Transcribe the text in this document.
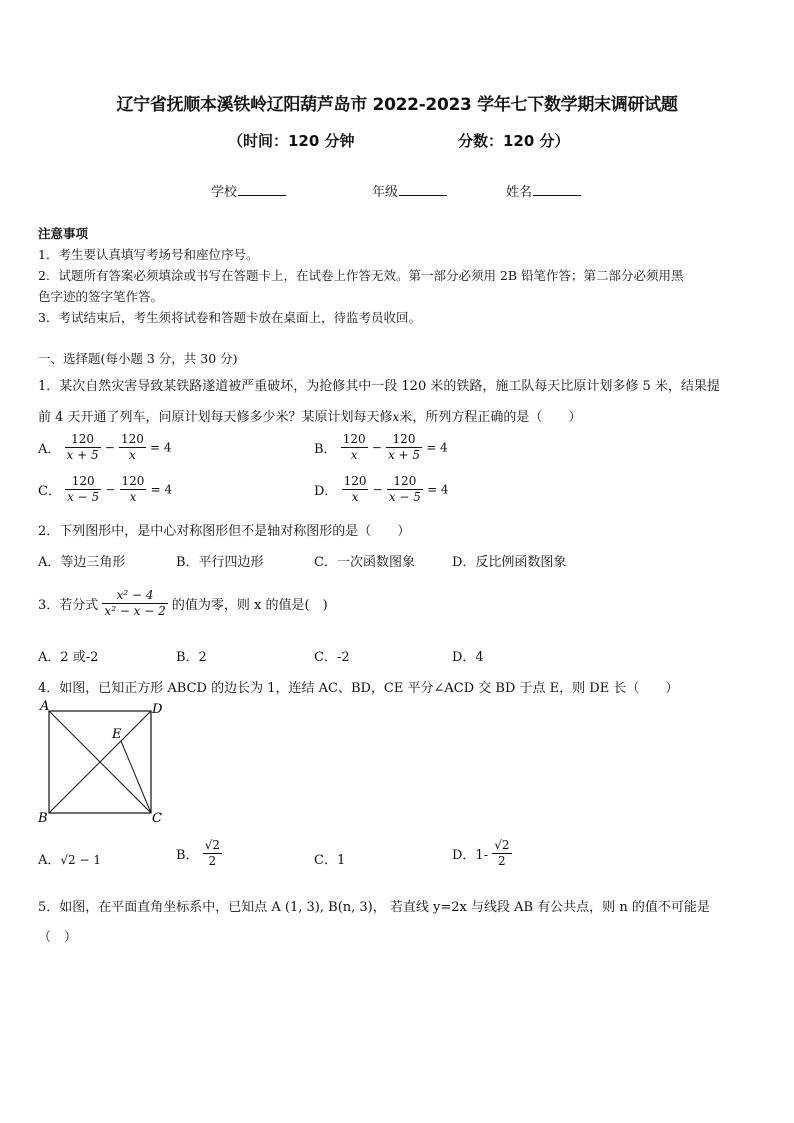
辽宁省抚顺本溪铁岭辽阳葫芦岛市 2022-2023 学年七下数学期末调研试题
（时间：120 分钟	分数：120 分）
学校	年级	姓名
注意事项
1．考生要认真填写考场号和座位序号。
2．试题所有答案必须填涂或书写在答题卡上，在试卷上作答无效。第一部分必须用 2B 铅笔作答；第二部分必须用黑
色字迹的签字笔作答。
3．考试结束后，考生须将试卷和答题卡放在桌面上，待监考员收回。
一、选择题(每小题 3 分，共 30 分)
1．某次自然灾害导致某铁路遂道被严重破坏，为抢修其中一段 120 米的铁路，施工队每天比原计划多修 5 米，结果提
前 4 天开通了列车，问原计划每天修多少米？某原计划每天修x米，所列方程正确的是（　　）
A． $\frac{120}{x + 5} - \frac{120}{x} = 4$	B． $\frac{120}{x} - \frac{120}{x + 5} = 4$
C． $\frac{120}{x - 5} - \frac{120}{x} = 4$	D． $\frac{120}{x} - \frac{120}{x - 5} = 4$
2．下列图形中，是中心对称图形但不是轴对称图形的是（　　）
A．等边三角形	B．平行四边形	C．一次函数图象	D．反比例函数图象
3．若分式 $\frac{\text{x² − 4}}{\text{x² − x − 2}}$ 的值为零，则 x 的值是(　)
A．2 或-2	B．2	C．-2	D．4
4．如图，已知正方形 ABCD 的边长为 1，连结 AC、BD，CE 平分∠ACD 交 BD 于点 E，则 DE 长（　　）
A	D
B	C
E
A．√2 − 1	B． $\frac{√2}{2}$	C．1	D．$1- \frac{√2}{2}$
5．如图，在平面直角坐标系中，已知点 A (1, 3), B(n, 3)， 若直线 y=2x 与线段 AB 有公共点，则 n 的值不可能是
（　）
